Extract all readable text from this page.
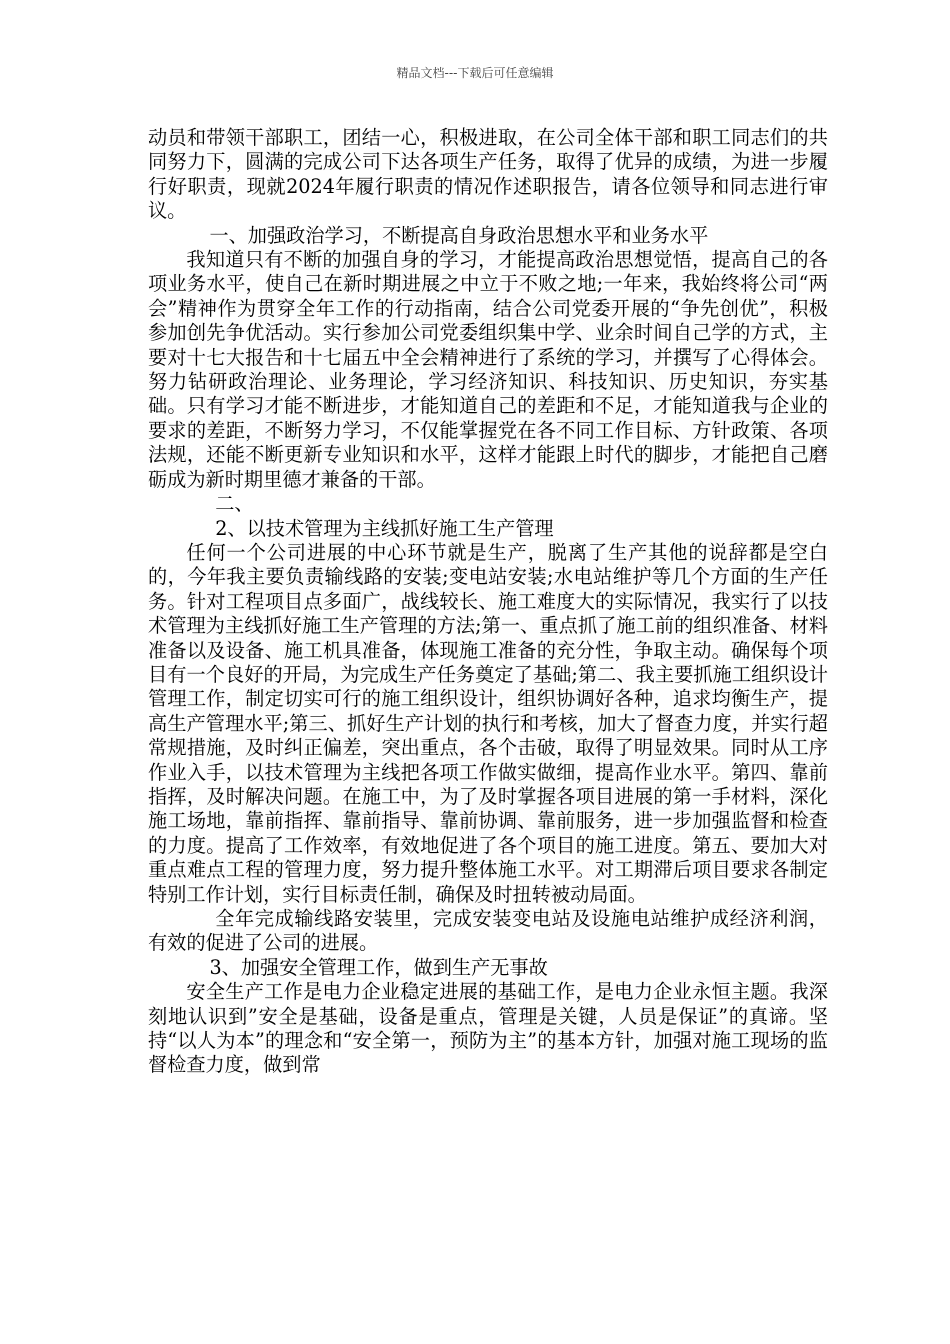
精品文档---下载后可任意编辑

动员和带领干部职工，团结一心，积极进取，在公司全体干部和职工同志们的共同努力下，圆满的完成公司下达各项生产任务，取得了优异的成绩，为进一步履行好职责，现就2024年履行职责的情况作述职报告，请各位领导和同志进行审议。

一、加强政治学习，不断提高自身政治思想水平和业务水平

我知道只有不断的加强自身的学习，才能提高政治思想觉悟，提高自己的各项业务水平，使自己在新时期进展之中立于不败之地;一年来，我始终将公司“两会”精神作为贯穿全年工作的行动指南，结合公司党委开展的“争先创优”，积极参加创先争优活动。实行参加公司党委组织集中学、业余时间自己学的方式，主要对十七大报告和十七届五中全会精神进行了系统的学习，并撰写了心得体会。努力钻研政治理论、业务理论，学习经济知识、科技知识、历史知识，夯实基础。只有学习才能不断进步，才能知道自己的差距和不足，才能知道我与企业的要求的差距，不断努力学习，不仅能掌握党在各不同工作目标、方针政策、各项法规，还能不断更新专业知识和水平，这样才能跟上时代的脚步，才能把自己磨砺成为新时期里德才兼备的干部。

二、

2、以技术管理为主线抓好施工生产管理

任何一个公司进展的中心环节就是生产，脱离了生产其他的说辞都是空白的，今年我主要负责输线路的安装;变电站安装;水电站维护等几个方面的生产任务。针对工程项目点多面广，战线较长、施工难度大的实际情况，我实行了以技术管理为主线抓好施工生产管理的方法;第一、重点抓了施工前的组织准备、材料准备以及设备、施工机具准备，体现施工准备的充分性，争取主动。确保每个项目有一个良好的开局，为完成生产任务奠定了基础;第二、我主要抓施工组织设计管理工作，制定切实可行的施工组织设计，组织协调好各种，追求均衡生产，提高生产管理水平;第三、抓好生产计划的执行和考核，加大了督查力度，并实行超常规措施，及时纠正偏差，突出重点，各个击破，取得了明显效果。同时从工序作业入手，以技术管理为主线把各项工作做实做细，提高作业水平。第四、靠前指挥，及时解决问题。在施工中，为了及时掌握各项目进展的第一手材料，深化施工场地，靠前指挥、靠前指导、靠前协调、靠前服务，进一步加强监督和检查的力度。提高了工作效率，有效地促进了各个项目的施工进度。第五、要加大对重点难点工程的管理力度，努力提升整体施工水平。对工期滞后项目要求各制定特别工作计划，实行目标责任制，确保及时扭转被动局面。

全年完成输线路安装里，完成安装变电站及设施电站维护成经济利润，有效的促进了公司的进展。

3、加强安全管理工作，做到生产无事故

安全生产工作是电力企业稳定进展的基础工作，是电力企业永恒主题。我深刻地认识到”安全是基础，设备是重点，管理是关键，人员是保证”的真谛。坚持“以人为本”的理念和“安全第一，预防为主”的基本方针，加强对施工现场的监督检查力度，做到常
